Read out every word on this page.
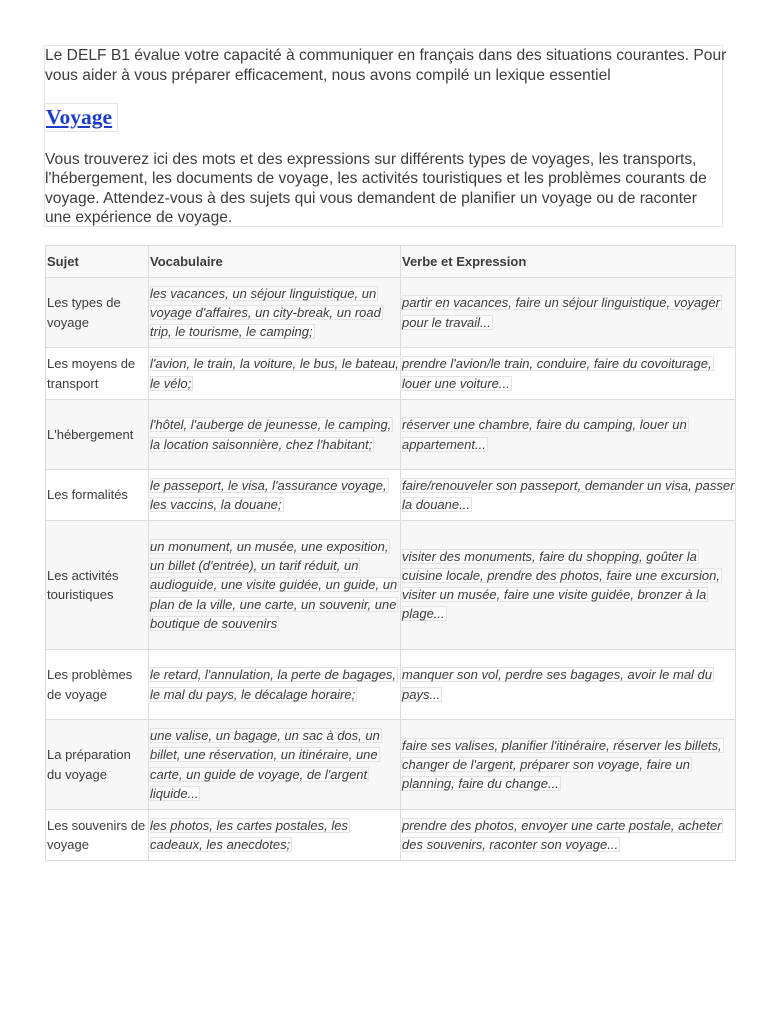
Le DELF B1 évalue votre capacité à communiquer en français dans des situations courantes. Pour vous aider à vous préparer efficacement, nous avons compilé un lexique essentiel

Voyage

Vous trouverez ici des mots et des expressions sur différents types de voyages, les transports, l'hébergement, les documents de voyage, les activités touristiques et les problèmes courants de voyage. Attendez-vous à des sujets qui vous demandent de planifier un voyage ou de raconter une expérience de voyage.

Sujet	Vocabulaire	Verbe et Expression
Les types de voyage	les vacances, un séjour linguistique, un voyage d'affaires, un city-break, un road trip, le tourisme, le camping;	partir en vacances, faire un séjour linguistique, voyager pour le travail...
Les moyens de transport	l'avion, le train, la voiture, le bus, le bateau, le vélo;	prendre l'avion/le train, conduire, faire du covoiturage, louer une voiture...
L'hébergement	l'hôtel, l'auberge de jeunesse, le camping, la location saisonnière, chez l'habitant;	réserver une chambre, faire du camping, louer un appartement...
Les formalités	le passeport, le visa, l'assurance voyage, les vaccins, la douane;	faire/renouveler son passeport, demander un visa, passer la douane...
Les activités touristiques	un monument, un musée, une exposition, un billet (d'entrée), un tarif réduit, un audioguide, une visite guidée, un guide, un plan de la ville, une carte, un souvenir, une boutique de souvenirs	visiter des monuments, faire du shopping, goûter la cuisine locale, prendre des photos, faire une excursion, visiter un musée, faire une visite guidée, bronzer à la plage...
Les problèmes de voyage	le retard, l'annulation, la perte de bagages, le mal du pays, le décalage horaire;	manquer son vol, perdre ses bagages, avoir le mal du pays...
La préparation du voyage	une valise, un bagage, un sac à dos, un billet, une réservation, un itinéraire, une carte, un guide de voyage, de l'argent liquide...	faire ses valises, planifier l'itinéraire, réserver les billets, changer de l'argent, préparer son voyage, faire un planning, faire du change...
Les souvenirs de voyage	les photos, les cartes postales, les cadeaux, les anecdotes;	prendre des photos, envoyer une carte postale, acheter des souvenirs, raconter son voyage...
